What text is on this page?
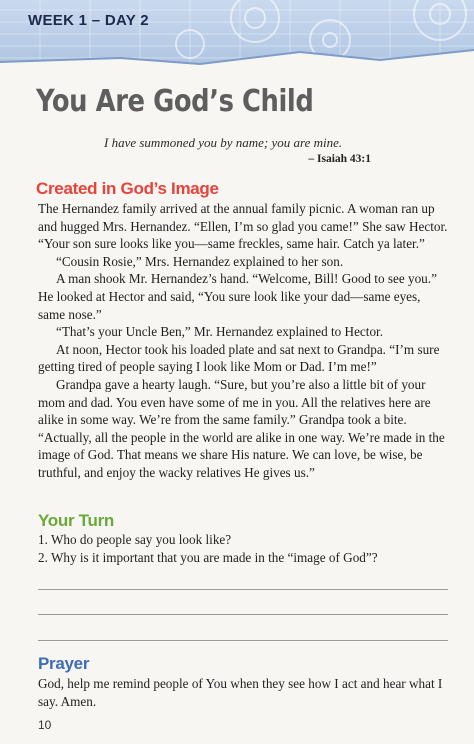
WEEK 1 – DAY 2
You Are God’s Child
I have summoned you by name; you are mine.
– Isaiah 43:1
Created in God’s Image

The Hernandez family arrived at the annual family picnic. A woman ran up and hugged Mrs. Hernandez. “Ellen, I’m so glad you came!” She saw Hector. “Your son sure looks like you—same freckles, same hair. Catch ya later.”

“Cousin Rosie,” Mrs. Hernandez explained to her son.

A man shook Mr. Hernandez’s hand. “Welcome, Bill! Good to see you.” He looked at Hector and said, “You sure look like your dad—same eyes, same nose.”

“That’s your Uncle Ben,” Mr. Hernandez explained to Hector.

At noon, Hector took his loaded plate and sat next to Grandpa. “I’m sure getting tired of people saying I look like Mom or Dad. I’m me!”

Grandpa gave a hearty laugh. “Sure, but you’re also a little bit of your mom and dad. You even have some of me in you. All the relatives here are alike in some way. We’re from the same family.” Grandpa took a bite. “Actually, all the people in the world are alike in one way. We’re made in the image of God. That means we share His nature. We can love, be wise, be truthful, and enjoy the wacky relatives He gives us.”

Your Turn
1. Who do people say you look like?
2. Why is it important that you are made in the “image of God”?
Prayer
God, help me remind people of You when they see how I act and hear what I say. Amen.
10
